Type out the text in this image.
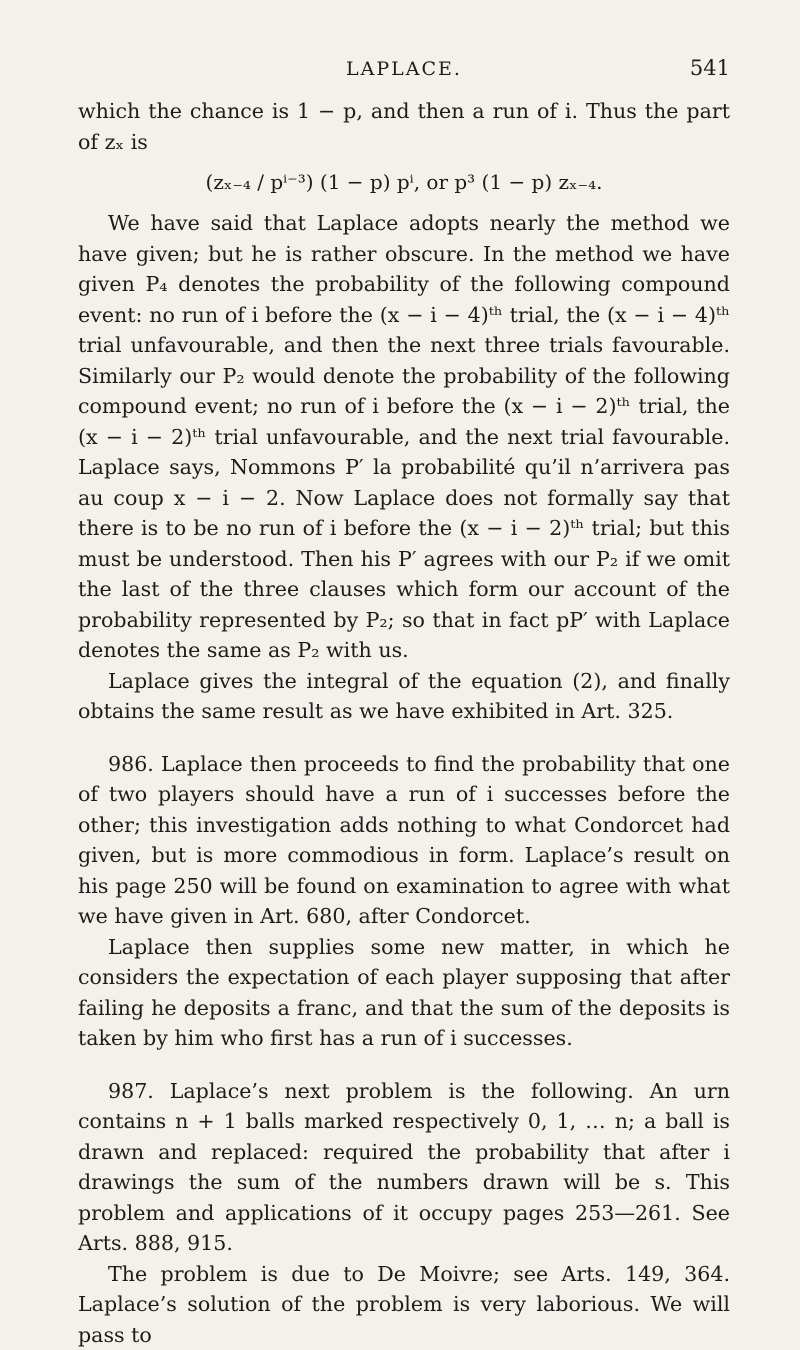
LAPLACE.	541

which the chance is 1 − p, and then a run of i. Thus the part of zₓ is

(zₓ₋₄ / pⁱ⁻³) (1 − p) pⁱ, or p³ (1 − p) zₓ₋₄.

We have said that Laplace adopts nearly the method we have given; but he is rather obscure. In the method we have given P₄ denotes the probability of the following compound event: no run of i before the (x − i − 4)ᵗʰ trial, the (x − i − 4)ᵗʰ trial unfavourable, and then the next three trials favourable. Similarly our P₂ would denote the probability of the following compound event; no run of i before the (x − i − 2)ᵗʰ trial, the (x − i − 2)ᵗʰ trial unfavourable, and the next trial favourable. Laplace says, Nommons P′ la probabilité qu’il n’arrivera pas au coup x − i − 2. Now Laplace does not formally say that there is to be no run of i before the (x − i − 2)ᵗʰ trial; but this must be understood. Then his P′ agrees with our P₂ if we omit the last of the three clauses which form our account of the probability represented by P₂; so that in fact pP′ with Laplace denotes the same as P₂ with us.

Laplace gives the integral of the equation (2), and finally obtains the same result as we have exhibited in Art. 325.

986. Laplace then proceeds to find the probability that one of two players should have a run of i successes before the other; this investigation adds nothing to what Condorcet had given, but is more commodious in form. Laplace’s result on his page 250 will be found on examination to agree with what we have given in Art. 680, after Condorcet.

Laplace then supplies some new matter, in which he considers the expectation of each player supposing that after failing he deposits a franc, and that the sum of the deposits is taken by him who first has a run of i successes.

987. Laplace’s next problem is the following. An urn contains n + 1 balls marked respectively 0, 1, … n; a ball is drawn and replaced: required the probability that after i drawings the sum of the numbers drawn will be s. This problem and applications of it occupy pages 253—261. See Arts. 888, 915.

The problem is due to De Moivre; see Arts. 149, 364. Laplace’s solution of the problem is very laborious. We will pass to
